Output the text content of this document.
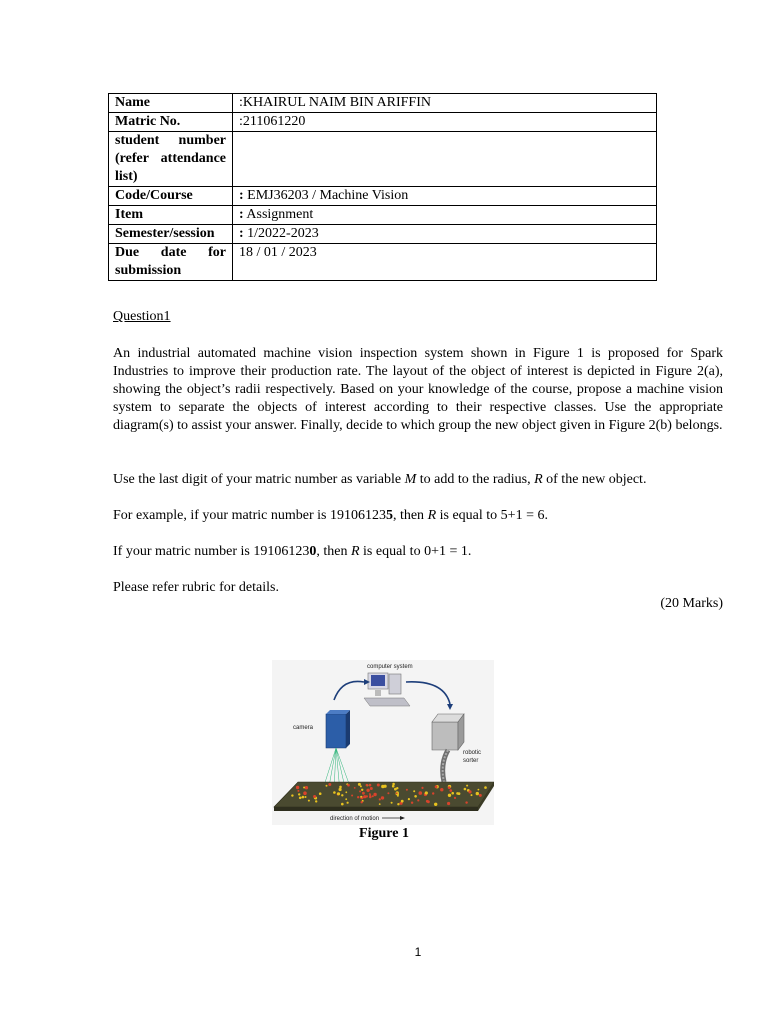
Name	:KHAIRUL NAIM BIN ARIFFIN
Matric No.	:211061220
student number (refer attendance list)	
Code/Course	: EMJ36203 / Machine Vision
Item	: Assignment
Semester/session	: 1/2022-2023
Due date for submission	18 / 01 / 2023
Question1
An industrial automated machine vision inspection system shown in Figure 1 is proposed for Spark Industries to improve their production rate. The layout of the object of interest is depicted in Figure 2(a), showing the object’s radii respectively. Based on your knowledge of the course, propose a machine vision system to separate the objects of interest according to their respective classes. Use the appropriate diagram(s) to assist your answer. Finally, decide to which group the new object given in Figure 2(b) belongs.
Use the last digit of your matric number as variable M to add to the radius, R of the new object.
For example, if your matric number is 191061235, then R is equal to 5+1 = 6.
If your matric number is 191061230, then R is equal to 0+1 = 1.
Please refer rubric for details.
(20 Marks)
computer system
camera
robotic
sorter
direction of motion
Figure 1
1
